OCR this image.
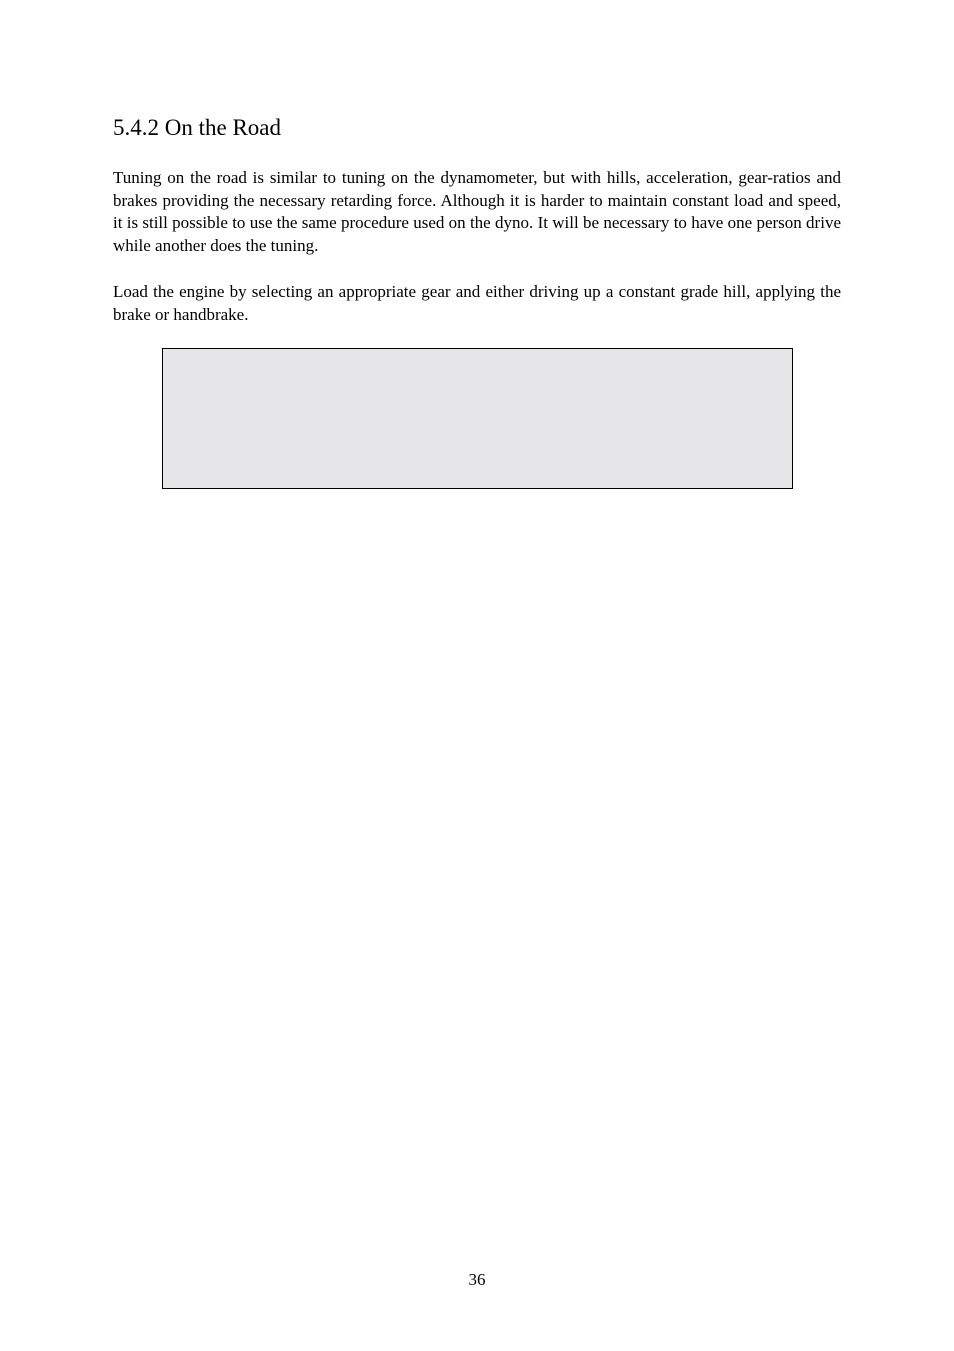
5.4.2 On the Road

Tuning on the road is similar to tuning on the dynamometer, but with hills, acceleration, gear-ratios and brakes providing the necessary retarding force. Although it is harder to maintain constant load and speed, it is still possible to use the same procedure used on the dyno. It will be necessary to have one person drive while another does the tuning.

Load the engine by selecting an appropriate gear and either driving up a constant grade hill, applying the brake or handbrake.

36
